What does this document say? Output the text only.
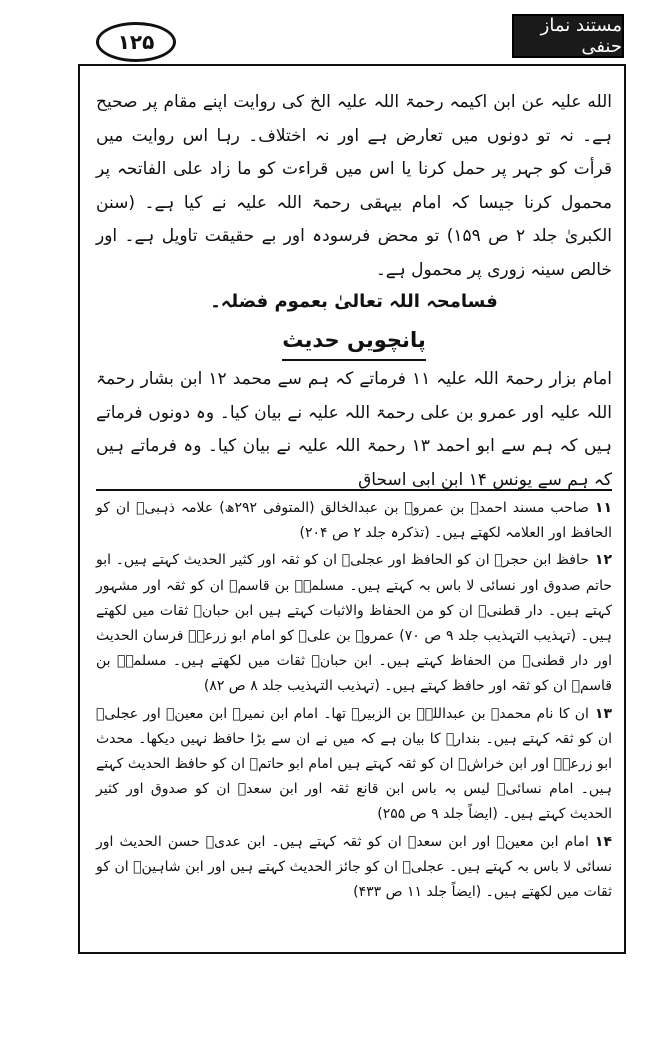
۱۲۵
مستند نماز حنفی

الله علیہ عن ابن اکیمہ رحمۃ اللہ علیہ الخ کی روایت اپنے مقام پر صحیح ہے۔ نہ تو دونوں میں تعارض ہے اور نہ اختلاف۔ رہا اس روایت میں قرأت کو جہر پر حمل کرنا یا اس میں قراءت کو ما زاد علی الفاتحہ پر محمول کرنا جیسا کہ امام بیہقی رحمۃ اللہ علیہ نے کیا ہے۔ (سنن الکبریٰ جلد ۲ ص ۱۵۹) تو محض فرسودہ اور بے حقیقت تاویل ہے۔ اور خالص سینہ زوری پر محمول ہے۔

فسامحہ اللہ تعالیٰ بعموم فضلہ۔

پانچویں حدیث

امام بزار رحمۃ اللہ علیہ ۱۱ فرماتے کہ ہم سے محمد ۱۲ ابن بشار رحمۃ اللہ علیہ اور عمرو بن علی رحمۃ اللہ علیہ نے بیان کیا۔ وہ دونوں فرماتے ہیں کہ ہم سے ابو احمد ۱۳ رحمۃ اللہ علیہ نے بیان کیا۔ وہ فرماتے ہیں کہ ہم سے یونس ۱۴ ابن ابی اسحاق

۱۱صاحب مسند احمدؒ بن عمروؒ بن عبدالخالق (المتوفی ۲۹۲ھ) علامہ ذہبیؒ ان کو الحافظ اور العلامہ لکھتے ہیں۔ (تذکرہ جلد ۲ ص ۲۰۴)

۱۲حافظ ابن حجرؒ ان کو الحافظ اور عجلیؒ ان کو ثقہ اور کثیر الحدیث کہتے ہیں۔ ابو حاتم صدوق اور نسائی لا باس بہ کہتے ہیں۔ مسلمہؒ بن قاسمؒ ان کو ثقہ اور مشہور کہتے ہیں۔ دار قطنیؒ ان کو من الحفاظ والاثبات کہتے ہیں ابن حبانؒ ثقات میں لکھتے ہیں۔ (تہذیب التہذیب جلد ۹ ص ۷۰) عمروؒ بن علیؒ کو امام ابو زرعہؒ فرسان الحدیث اور دار قطنیؒ من الحفاظ کہتے ہیں۔ ابن حبانؒ ثقات میں لکھتے ہیں۔ مسلمہؒ بن قاسمؒ ان کو ثقہ اور حافظ کہتے ہیں۔ (تہذیب التہذیب جلد ۸ ص ۸۲)

۱۳ان کا نام محمدؒ بن عبداللہؒ بن الزبیرؒ تھا۔ امام ابن نمیرؒ ابن معینؒ اور عجلیؒ ان کو ثقہ کہتے ہیں۔ بندارؒ کا بیان ہے کہ میں نے ان سے بڑا حافظ نہیں دیکھا۔ محدث ابو زرعہؒ اور ابن خراشؒ ان کو ثقہ کہتے ہیں امام ابو حاتمؒ ان کو حافظ الحدیث کہتے ہیں۔ امام نسائیؒ لیس بہ باس ابن قانع ثقہ اور ابن سعدؒ ان کو صدوق اور کثیر الحدیث کہتے ہیں۔ (ایضاً جلد ۹ ص ۲۵۵)

۱۴امام ابن معینؒ اور ابن سعدؒ ان کو ثقہ کہتے ہیں۔ ابن عدیؒ حسن الحدیث اور نسائی لا باس بہ کہتے ہیں۔ عجلیؒ ان کو جائز الحدیث کہتے ہیں اور ابن شاہینؒ ان کو ثقات میں لکھتے ہیں۔ (ایضاً جلد ۱۱ ص ۴۳۳)
